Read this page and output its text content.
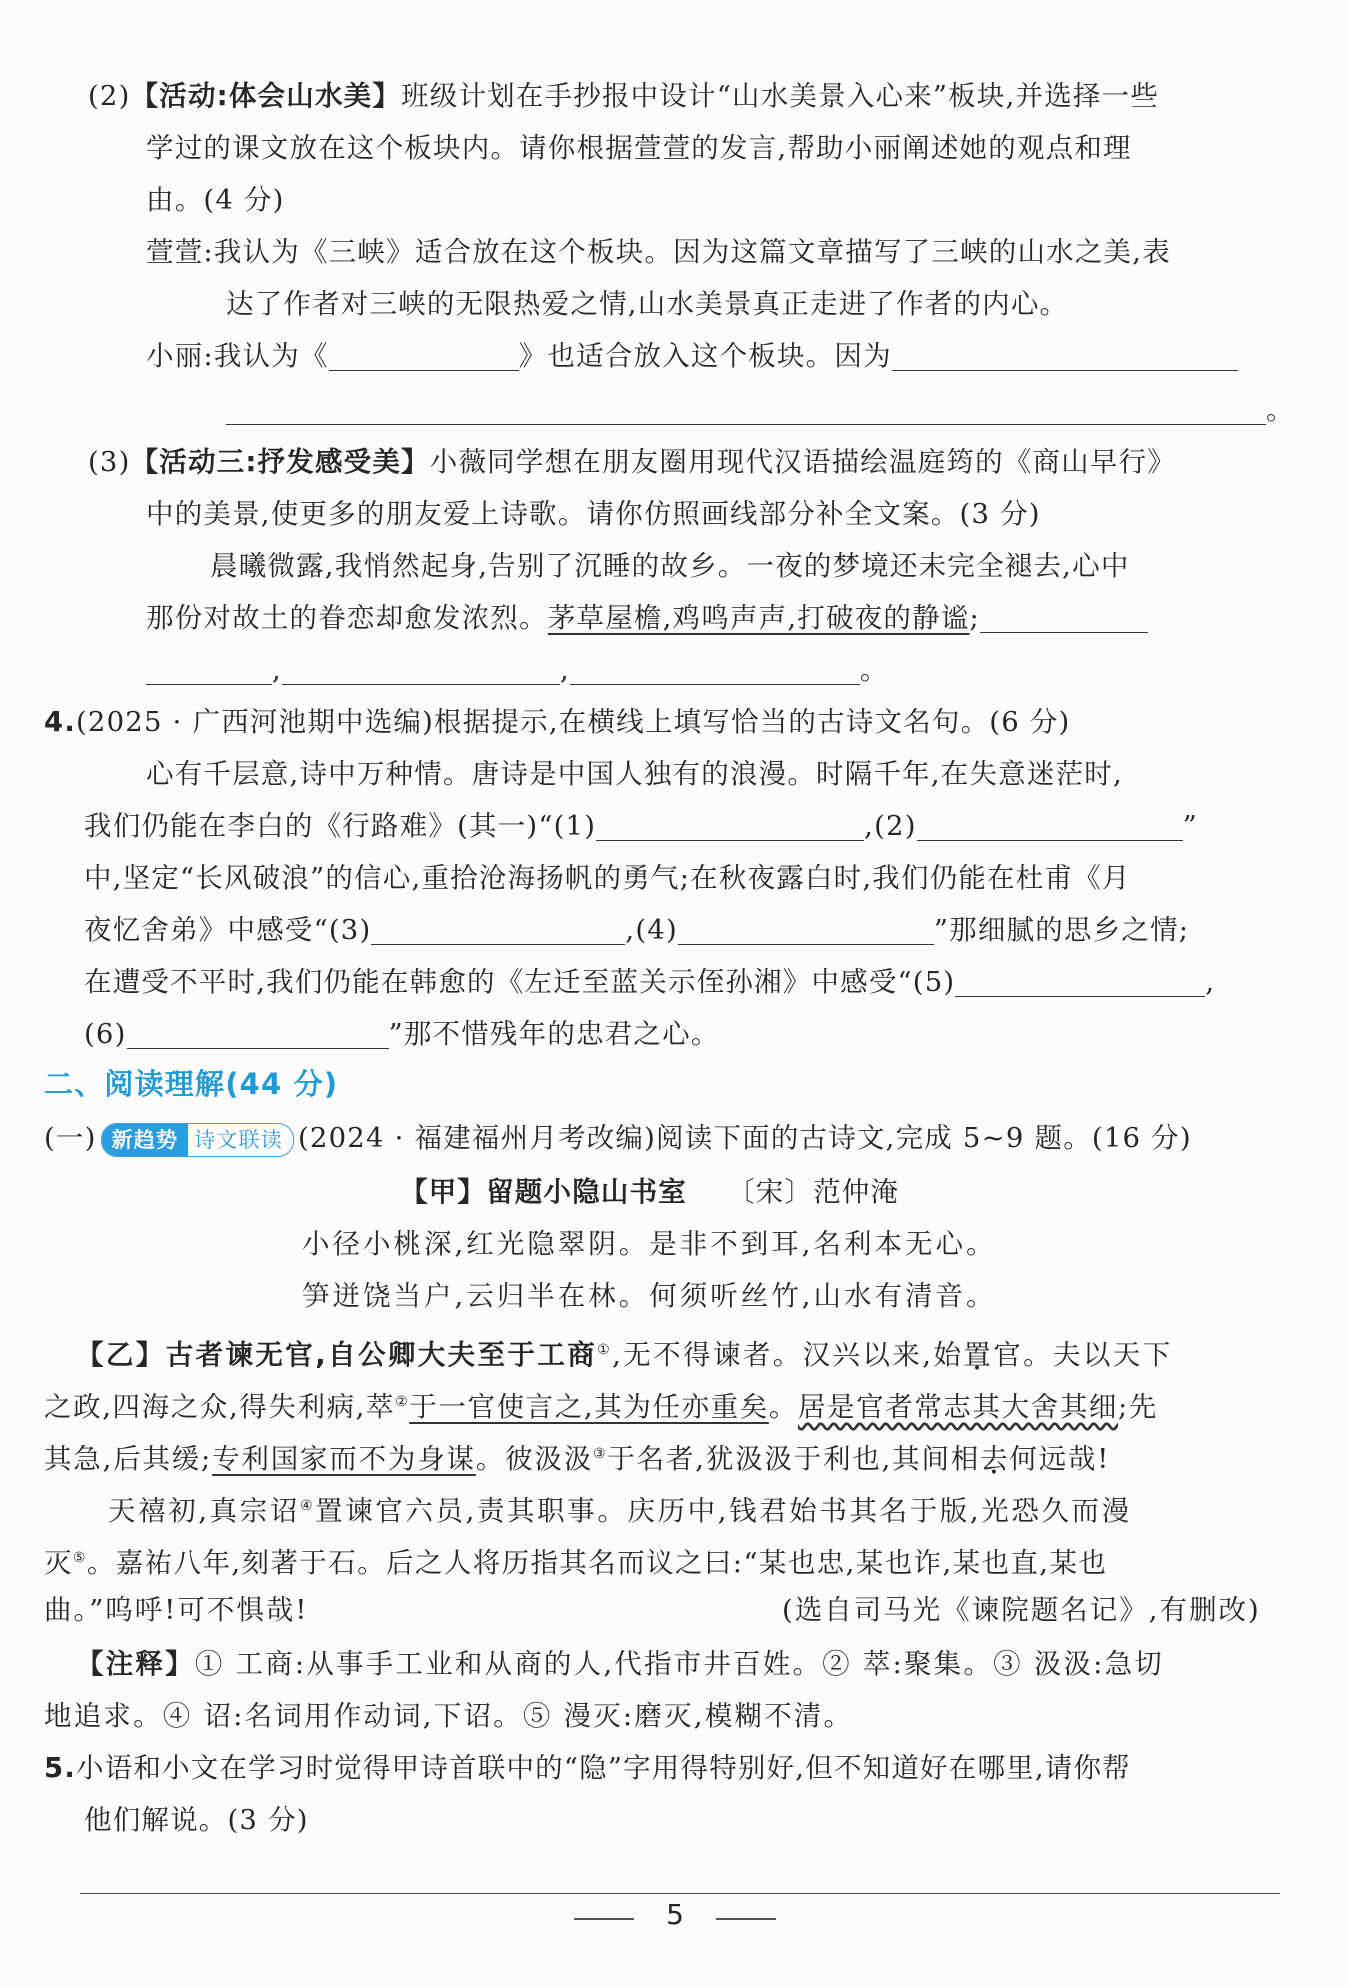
(2)【活动:体会山水美】班级计划在手抄报中设计“山水美景入心来”板块,并选择一些
学过的课文放在这个板块内。请你根据萱萱的发言,帮助小丽阐述她的观点和理
由。(4 分)
萱萱:我认为《三峡》适合放在这个板块。因为这篇文章描写了三峡的山水之美,表
达了作者对三峡的无限热爱之情,山水美景真正走进了作者的内心。
小丽:我认为《	》也适合放入这个板块。因为
。
(3)【活动三:抒发感受美】小薇同学想在朋友圈用现代汉语描绘温庭筠的《商山早行》
中的美景,使更多的朋友爱上诗歌。请你仿照画线部分补全文案。(3 分)
晨曦微露,我悄然起身,告别了沉睡的故乡。一夜的梦境还未完全褪去,心中
那份对故土的眷恋却愈发浓烈。茅草屋檐,鸡鸣声声,打破夜的静谧;
,	,	。
4.(2025 · 广西河池期中选编)根据提示,在横线上填写恰当的古诗文名句。(6 分)
心有千层意,诗中万种情。唐诗是中国人独有的浪漫。时隔千年,在失意迷茫时,
我们仍能在李白的《行路难》(其一)“(1)	,(2)	”
中,坚定“长风破浪”的信心,重拾沧海扬帆的勇气;在秋夜露白时,我们仍能在杜甫《月
夜忆舍弟》中感受“(3)	,(4)	”那细腻的思乡之情;
在遭受不平时,我们仍能在韩愈的《左迁至蓝关示侄孙湘》中感受“(5)	,
(6)	”那不惜残年的忠君之心。
二、阅读理解(44 分)
(一) 新趋势 诗文联读 (2024 · 福建福州月考改编)阅读下面的古诗文,完成 5~9 题。(16 分)
【甲】留题小隐山书室 〔宋〕范仲淹
小径小桃深,红光隐翠阴。是非不到耳,名利本无心。
笋迸饶当户,云归半在林。何须听丝竹,山水有清音。
【乙】古者谏无官,自公卿大夫至于工商①,无不得谏者。汉兴以来,始置官。夫以天下
之政,四海之众,得失利病,萃②于一官使言之,其为任亦重矣。居是官者常志其大舍其细;先
其急,后其缓;专利国家而不为身谋。彼汲汲③于名者,犹汲汲于利也,其间相去何远哉!
天禧初,真宗诏④置谏官六员,责其职事。庆历中,钱君始书其名于版,光恐久而漫
灭⑤。嘉祐八年,刻著于石。后之人将历指其名而议之曰:“某也忠,某也诈,某也直,某也
曲。”呜呼!可不惧哉!	(选自司马光《谏院题名记》,有删改)
【注释】① 工商:从事手工业和从商的人,代指市井百姓。② 萃:聚集。③ 汲汲:急切
地追求。④ 诏:名词用作动词,下诏。⑤ 漫灭:磨灭,模糊不清。
5.小语和小文在学习时觉得甲诗首联中的“隐”字用得特别好,但不知道好在哪里,请你帮
他们解说。(3 分)
5
